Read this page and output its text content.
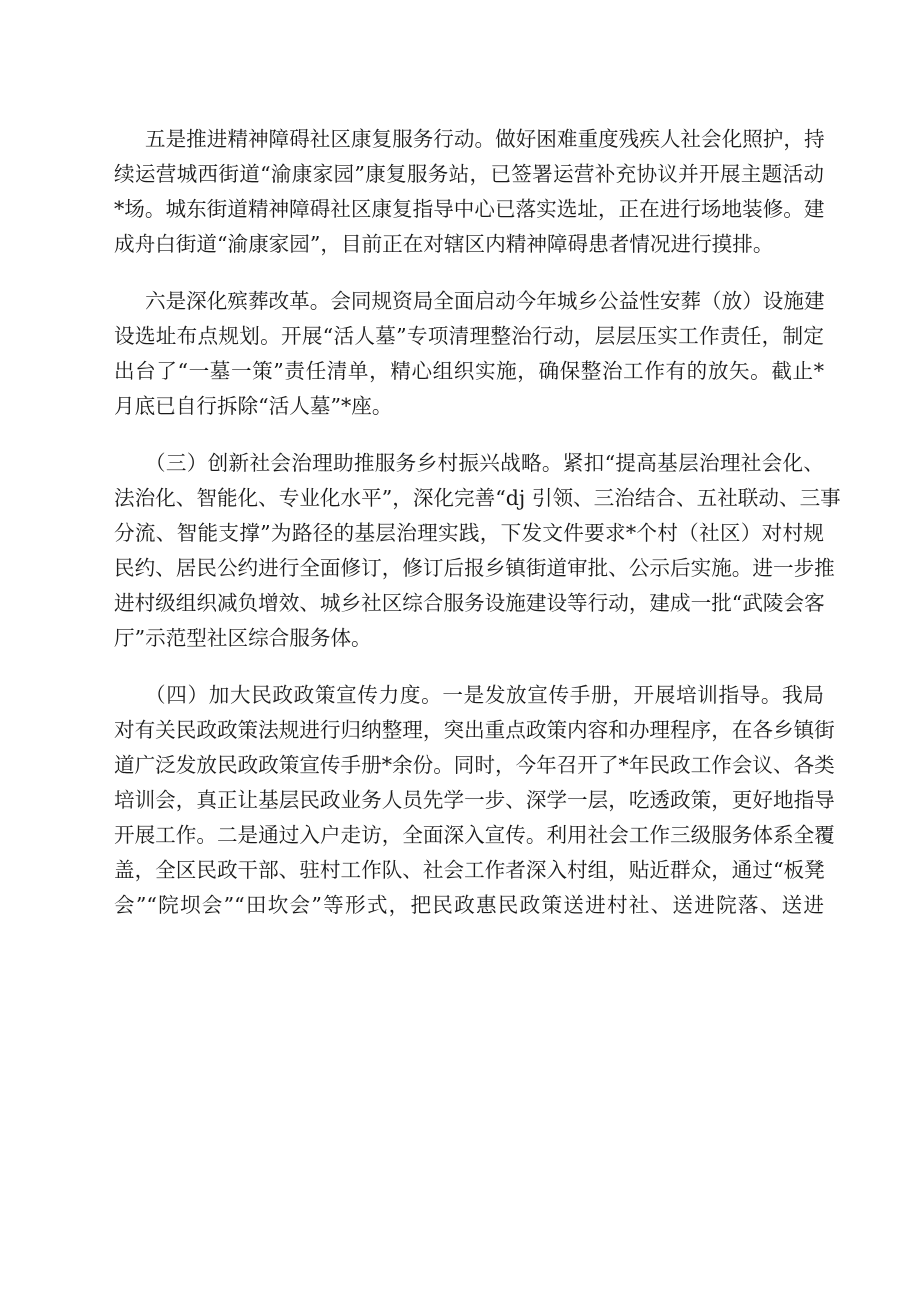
五是推进精神障碍社区康复服务行动。做好困难重度残疾人社会化照护，持
续运营城西街道“渝康家园”康复服务站，已签署运营补充协议并开展主题活动
*场。城东街道精神障碍社区康复指导中心已落实选址，正在进行场地装修。建
成舟白街道“渝康家园”，目前正在对辖区内精神障碍患者情况进行摸排。
六是深化殡葬改革。会同规资局全面启动今年城乡公益性安葬（放）设施建
设选址布点规划。开展“活人墓”专项清理整治行动，层层压实工作责任，制定
出台了“一墓一策”责任清单，精心组织实施，确保整治工作有的放矢。截止*
月底已自行拆除“活人墓”*座。
（三）创新社会治理助推服务乡村振兴战略。紧扣“提高基层治理社会化、
法治化、智能化、专业化水平”，深化完善“dj 引领、三治结合、五社联动、三事
分流、智能支撑”为路径的基层治理实践，下发文件要求*个村（社区）对村规
民约、居民公约进行全面修订，修订后报乡镇街道审批、公示后实施。进一步推
进村级组织减负增效、城乡社区综合服务设施建设等行动，建成一批“武陵会客
厅”示范型社区综合服务体。
（四）加大民政政策宣传力度。一是发放宣传手册，开展培训指导。我局
对有关民政政策法规进行归纳整理，突出重点政策内容和办理程序，在各乡镇街
道广泛发放民政政策宣传手册*余份。同时，今年召开了*年民政工作会议、各类
培训会，真正让基层民政业务人员先学一步、深学一层，吃透政策，更好地指导
开展工作。二是通过入户走访，全面深入宣传。利用社会工作三级服务体系全覆
盖，全区民政干部、驻村工作队、社会工作者深入村组，贴近群众，通过“板凳
会”“院坝会”“田坎会”等形式，把民政惠民政策送进村社、送进院落、送进
